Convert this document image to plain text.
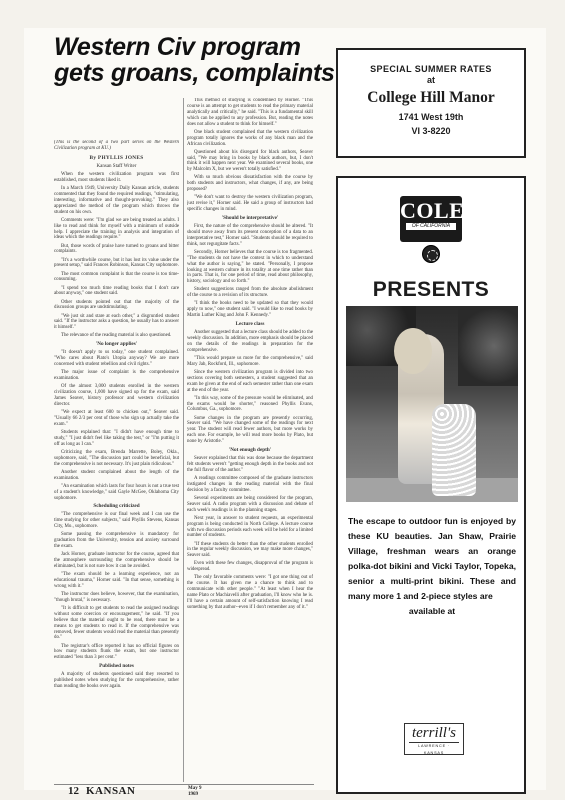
Western Civ program gets groans, complaints

(This is the second of a two part series on the Western Civilization program at KU.)

By PHYLLIS JONES

Kansan Staff Writer

When the western civilization program was first established, most students liked it.

In a March 1949, University Daily Kansan article, students commented that they found the required readings, "stimulating, interesting, informative and thought-provoking." They also appreciated the method of the program which throws the student on his own.

Comments were: "I'm glad we are being treated as adults. I like to read and think for myself with a minimum of outside help. I appreciate the training in analysis and integration of ideas which the readings require."

But, those words of praise have turned to groans and bitter complaints.

"It's a worthwhile course, but it has lost its value under the present setup," said Frances Robinson, Kansas City sophomore.

The most common complaint is that the course is too time-consuming.

"I spend too much time reading books that I don't care about anyway," one student said.

Other students pointed out that the majority of the discussion groups are undstimulating.

"We just sit and stare at each other," a disgruntled student said. "If the instructor asks a question, he usually has to answer it himself."

The relevance of the reading material is also questioned.

'No longer applies'

"It doesn't apply to us today," one student complained. "Who cares about Plato's Utopia anyway? We are more concerned with student rebellion and civil rights."

The major issue of complaint is the comprehensive examination.

Of the almost 3,000 students enrolled in the western civilization course, 1,000 have signed up for the exam, said James Seaver, history professor and western civilization director.

"We expect at least 600 to chicken out," Seaver said. "Usually 66 2/3 per cent of those who sign up actually take the exam."

Students explained that: "I didn't have enough time to study," "I just didn't feel like taking the test," or "I'm putting it off as long as I can."

Criticizing the exam, Brenda Marrette, Boley, Okla., sophomore, said, "The discussion part could be beneficial, but the comprehensive is not necessary. It's just plain ridiculous."

Another student complained about the length of the examination.

"An examination which lasts for four hours is not a true test of a student's knowledge," said Gayle McGee, Oklahoma City sophomore.

Scheduling criticized

"The comprehensive is our final week and I can use the time studying for other subjects," said Phyllis Stevens, Kansas City, Mo., sophomore.

Some passing the comprehensive is mandatory for graduation from the University, tension and anxiety surround the exam.

Jack Horner, graduate instructor for the course, agreed that the atmosphere surrounding the comprehensive should be eliminated, but is not sure how it can be avoided.

"The exam should be a learning experience, not an educational trauma," Horner said. "In that sense, something is wrong with it."

The instructor does believe, however, that the examination, "though brutal," is necessary.

"It is difficult to get students to read the assigned readings without some coercion or encouragement," he said. "If you believe that the material ought to be read, there must be a means to get students to read it. If the comprehensive was removed, fewer students would read the material than presently do."

The registrar's office reported it has no official figures on how many students flunk the exam, but one instructor estimated "less than 3 per cent."

Published notes

A majority of students questioned said they resorted to published notes when studying for the comprehensive, rather than reading the books over again.

This method of studying is condemned by Horner. "This course is an attempt to get students to read the primary material analytically and critically," he said. "This is a fundamental skill which can be applied to any profession. But, reading the notes does not allow a student to think for himself."

One black student complained that the western civilization program totally ignores the works of any black man and the African civilization.

Questioned about his disregard for black authors, Seaver said, "We may bring in books by black authors, but, I don't think it will happen next year. We examined several books, one by Malcolm X, but we weren't totally satisfied."

With so much obvious dissatisfaction with the course by both students and instructors, what changes, if any, are being proposed?

"We don't want to destroy the western civilization program, just revise it," Horner said. He said a group of instructors had specific changes in mind.

'Should be interpretative'

First, the nature of the comprehensive should be altered. "It should move away from its present conception of a data to an interpretative test," Horner said. "Students should be required to think, not regurgitate facts."

Secondly, Horner believes that the course is too fragmented. "The students do not have the context in which to understand what the author is saying," he stated. "Personally, I propose looking at western culture in its totality at one time rather than in parts. That is, for one period of time, read about philosophy, history, sociology and so forth."

Student suggestions ranged from the absolute abolishment of the course to a revision of its structure.

"I think the books need to be updated so that they would apply to now," one student said. "I would like to read books by Martin Luther King and John F. Kennedy."

Lecture class

Another suggested that a lecture class should be added to the weekly discussion. In addition, more emphasis should be placed on the details of the readings in preparation for the comprehensive.

"This would prepare us more for the comprehensive," said Mary Jab, Rockford, Ill., sophomore.

Since the western civilization program is divided into two sections covering both semesters, a student suggested that an exam be given at the end of each semester rather than one exam at the end of the year.

"In this way, some of the pressure would be eliminated, and the exams would be shorter," reasoned Phyllis Evans, Columbus, Ga., sophomore.

Some changes in the program are presently occurring, Seaver said. "We have changed some of the readings for next year. The student will read fewer authors, but more works by each one. For example, he will read more books by Plato, but none by Aristotle."

'Not enough depth'

Seaver explained that this was done because the department felt students weren't "getting enough depth in the books and not the full flavor of the author."

A readings committee composed of the graduate instructors instigated changes in the reading material with the final decision by a faculty committee.

Several experiments are being considered for the program, Seaver said. A radio program with a discussion and debate of each week's readings is in the planning stages.

Next year, in answer to student requests, an experimental program is being conducted in North College. A lecture course with two discussion periods each week will be held for a limited number of students.

"If these students do better than the other students enrolled in the regular weekly discussion, we may make more changes," Seaver said.

Even with these few changes, disapproval of the program is widespread.

The only favorable comments were: "I got one thing out of the course. It has given me a chance to think and to communicate with other people." "At least when I hear the name Plato or Machiavelli after graduation, I'll know who he is. I'll have a certain amount of self-satisfaction knowing I read something by that author--even if I don't remember any of it."

12 KANSAN	May 9
1969
SPECIAL SUMMER RATES
at
College Hill Manor
1741 West 19th
VI 3-8220
COLE
OF CALIFORNIA
PRESENTS
The escape to outdoor fun is enjoyed by these KU beauties. Jan Shaw, Prairie Village, freshman wears an orange polka-dot bikini and Vicki Taylor, Topeka, senior a multi-print bikini. These and many more 1 and 2-piece styles are
available at
terrill's
LAWRENCE · KANSAS
